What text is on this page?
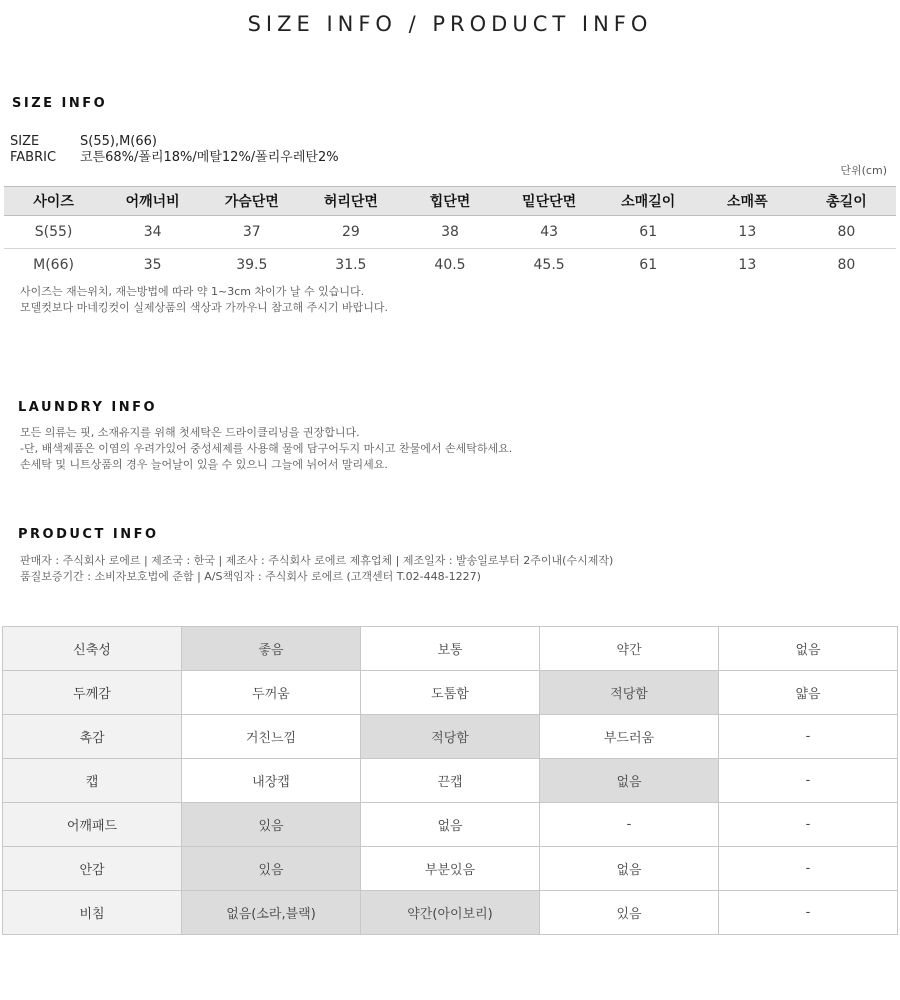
SIZE INFO / PRODUCT INFO
SIZE INFO
SIZE	S(55),M(66)
FABRIC	코튼68%/폴리18%/메탈12%/폴리우레탄2%
단위(cm)
사이즈	어깨너비	가슴단면	허리단면	힙단면	밑단단면	소매길이	소매폭	총길이
S(55)	34	37	29	38	43	61	13	80
M(66)	35	39.5	31.5	40.5	45.5	61	13	80

사이즈는 재는위치, 재는방법에 따라 약 1~3cm 차이가 날 수 있습니다.

모델컷보다 마네킹컷이 실제상품의 색상과 가까우니 참고해 주시기 바랍니다.

LAUNDRY INFO

모든 의류는 핏, 소재유지를 위해 첫세탁은 드라이클리닝을 권장합니다.

-단, 배색제품은 이염의 우려가있어 중성세제를 사용해 물에 담구어두지 마시고 찬물에서 손세탁하세요.

손세탁 및 니트상품의 경우 늘어날이 있을 수 있으니 그늘에 뉘어서 말리세요.

PRODUCT INFO

판매자 : 주식회사 로에르 | 제조국 : 한국 | 제조사 : 주식회사 로에르 제휴업체 | 제조일자 : 발송일로부터 2주이내(수시제작)

품질보증기간 : 소비자보호법에 준함 | A/S책임자 : 주식회사 로에르 (고객센터 T.02-448-1227)

신축성	좋음	보통	약간	없음
두께감	두꺼움	도톰함	적당함	얇음
촉감	거친느낌	적당함	부드러움	-
캡	내장캡	끈캡	없음	-
어깨패드	있음	없음	-	-
안감	있음	부분있음	없음	-
비침	없음(소라,블랙)	약간(아이보리)	있음	-
